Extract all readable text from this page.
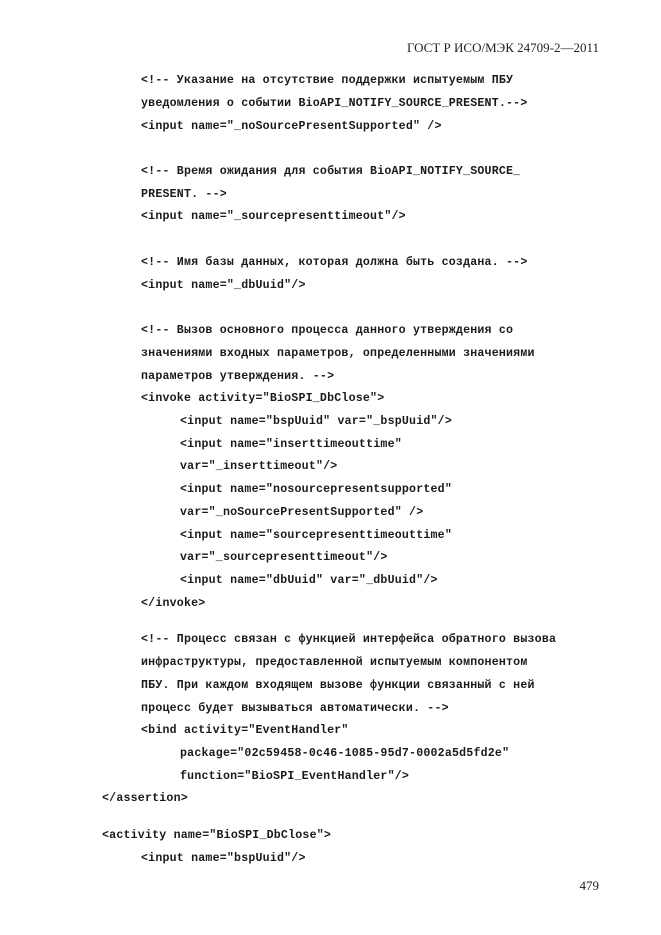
ГОСТ Р ИСО/МЭК 24709-2—2011
<!-- Указание на отсутствие поддержки испытуемым ПБУ
уведомления о событии BioAPI_NOTIFY_SOURCE_PRESENT.-->
<input name="_noSourcePresentSupported" />
<!-- Время ожидания для события BioAPI_NOTIFY_SOURCE_
PRESENT. -->
<input name="_sourcepresenttimeout"/>
<!-- Имя базы данных, которая должна быть создана. -->
<input name="_dbUuid"/>
<!-- Вызов основного процесса данного утверждения со
значениями входных параметров, определенными значениями
параметров утверждения. -->
<invoke activity="BioSPI_DbClose">
<input name="bspUuid" var="_bspUuid"/>
<input name="inserttimeouttime"
var="_inserttimeout"/>
<input name="nosourcepresentsupported"
var="_noSourcePresentSupported" />
<input name="sourcepresenttimeouttime"
var="_sourcepresenttimeout"/>
<input name="dbUuid" var="_dbUuid"/>
</invoke>
<!-- Процесс связан с функцией интерфейса обратного вызова
инфраструктуры, предоставленной испытуемым компонентом
ПБУ. При каждом входящем вызове функции связанный с ней
процесс будет вызываться автоматически. -->
<bind activity="EventHandler"
package="02c59458-0c46-1085-95d7-0002a5d5fd2e"
function="BioSPI_EventHandler"/>
</assertion>
<activity name="BioSPI_DbClose">
<input name="bspUuid"/>
479
